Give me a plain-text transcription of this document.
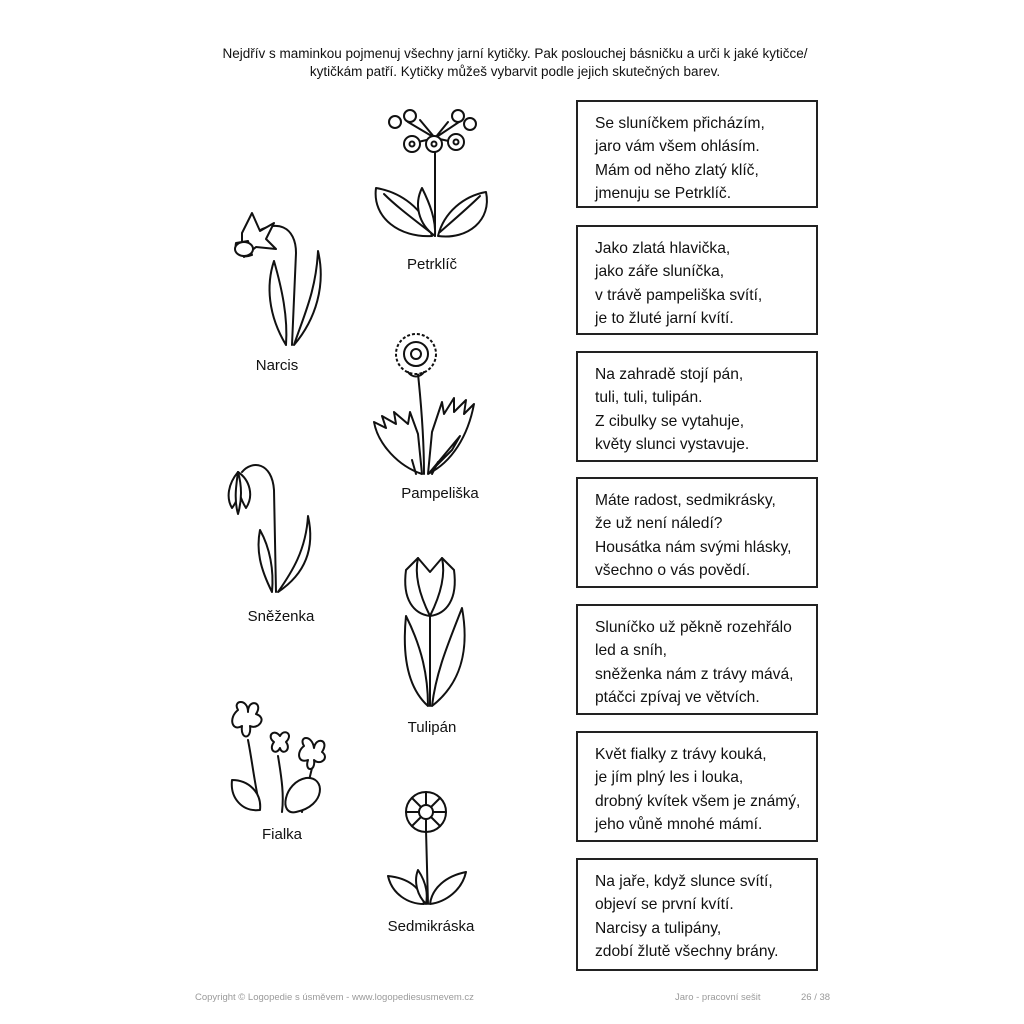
Nejdřív s maminkou pojmenuj všechny jarní kytičky. Pak poslouchej básničku a urči k jaké kytičce/
kytičkám patří. Kytičky můžeš vybarvit podle jejich skutečných barev.
Petrklíč
Narcis
Pampeliška
Sněženka
Tulipán
Fialka
Sedmikráska
Se sluníčkem přicházím,
jaro vám všem ohlásím.
Mám od něho zlatý klíč,
jmenuju se Petrklíč.
Jako zlatá hlavička,
jako záře sluníčka,
v trávě pampeliška svítí,
je to žluté jarní kvítí.
Na zahradě stojí pán,
tuli, tuli, tulipán.
Z cibulky se vytahuje,
květy slunci vystavuje.
Máte radost, sedmikrásky,
že už není náledí?
Housátka nám svými hlásky,
všechno o vás povědí.
Sluníčko už pěkně rozehřálo
led a sníh,
sněženka nám z trávy mává,
ptáčci zpívaj ve větvích.
Květ fialky z trávy kouká,
je jím plný les i louka,
drobný kvítek všem je známý,
jeho vůně mnohé mámí.
Na jaře, když slunce svítí,
objeví se první kvítí.
Narcisy a tulipány,
zdobí žlutě všechny brány.
Copyright © Logopedie s úsměvem - www.logopediesusmevem.cz	Jaro - pracovní sešit	26 / 38
